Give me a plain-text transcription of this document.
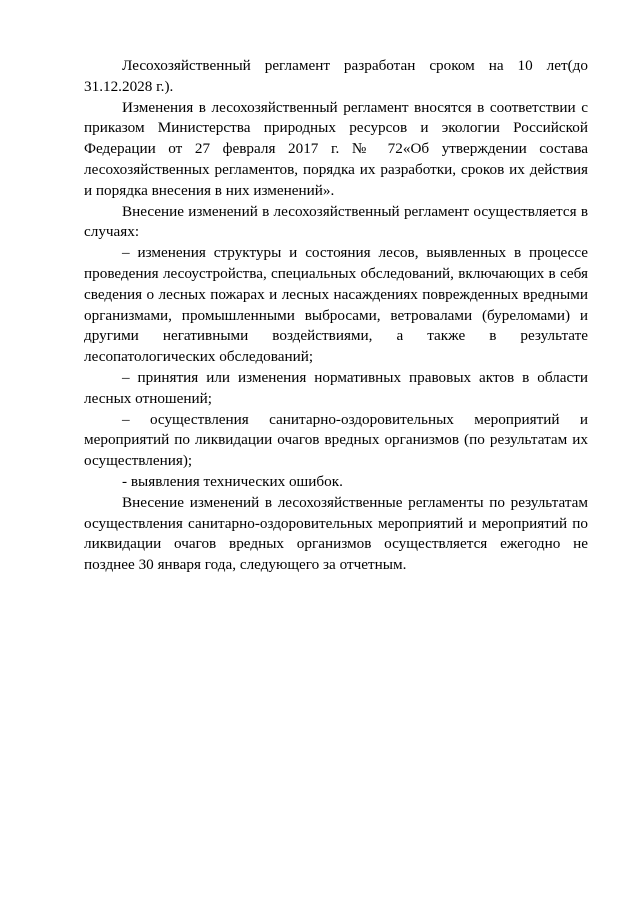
Лесохозяйственный регламент разработан сроком на 10 лет(до 31.12.2028 г.).

Изменения в лесохозяйственный регламент вносятся в соответствии с приказом Министерства природных ресурсов и экологии Российской Федерации от 27 февраля 2017 г. № 72«Об утверждении состава лесохозяйственных регламентов, порядка их разработки, сроков их действия и порядка внесения в них изменений».

Внесение изменений в лесохозяйственный регламент осуществляется в случаях:

– изменения структуры и состояния лесов, выявленных в процессе проведения лесоустройства, специальных обследований, включающих в себя сведения о лесных пожарах и лесных насаждениях поврежденных вредными организмами, промышленными выбросами, ветровалами (буреломами) и другими негативными воздействиями, а также в результате лесопатологических обследований;

– принятия или изменения нормативных правовых актов в области лесных отношений;

– осуществления санитарно-оздоровительных мероприятий и мероприятий по ликвидации очагов вредных организмов (по результатам их осуществления);

- выявления технических ошибок.

Внесение изменений в лесохозяйственные регламенты по результатам осуществления санитарно-оздоровительных мероприятий и мероприятий по ликвидации очагов вредных организмов осуществляется ежегодно не позднее 30 января года, следующего за отчетным.
